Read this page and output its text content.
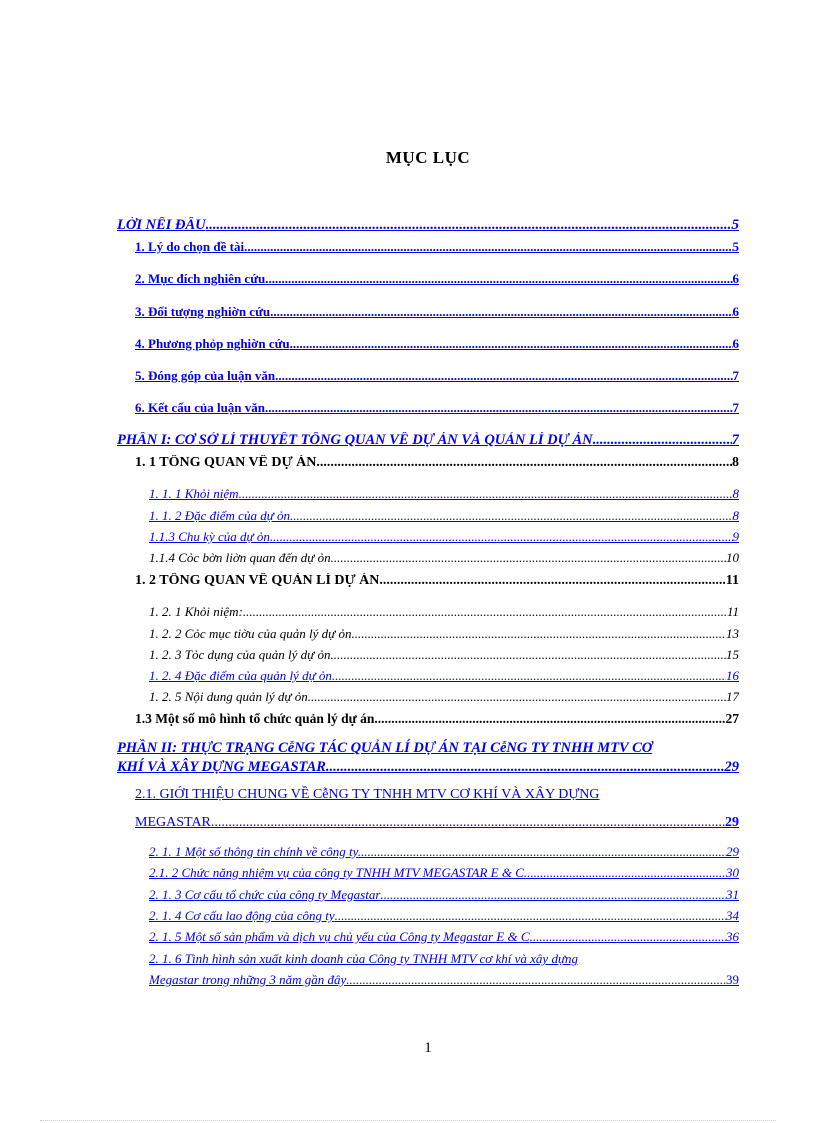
MỤC LỤC
LỜI NỂI ĐẦU .....	5
1. Lý do chọn đề tài .....	5
2. Mục đích nghiên cứu .....	6
3. Đối tượng nghiờn cứu .....	6
4. Phương phỏp nghiờn cứu .....	6
5. Đóng góp của luận văn .....	7
6. Kết cấu của luận văn .....	7
PHẦN I: CƠ SỞ LÍ THUYẾT TỔNG QUAN VỀ DỰ ÁN VÀ QUẢN LÍ DỰ ÁN .....	7
1. 1 TỔNG QUAN VỀ DỰ ÁN .....	8
1. 1. 1 Khỏi niệm .....	8
1. 1. 2 Đặc điểm của dự ỏn .....	8
1.1.3 Chu kỳ của dự ỏn .....	9
1.1.4 Cỏc bờn liờn quan đến dự ỏn .....	10
1. 2 TỔNG QUAN VỀ QUẢN LÍ DỰ ÁN .....	11
1. 2. 1 Khỏi niệm: .....	11
1. 2. 2 Cỏc mục tiờu của quản lý dự ỏn .....	13
1. 2. 3 Tỏc dụng của quản lý dự ỏn .....	15
1. 2. 4 Đặc điểm của quản lý dự ỏn .....	16
1. 2. 5 Nội dung quản lý dự ỏn .....	17
1.3 Một số mô hình tổ chức quản lý dự án. .....	27
PHẦN II: THỰC TRẠNG CễNG TÁC QUẢN LÍ DỰ ÁN TẠI CễNG TY TNHH MTV CƠ
KHÍ VÀ XÂY DỰNG MEGASTAR .....	29
2.1. GIỚI THIỆU CHUNG VỀ CễNG TY TNHH MTV CƠ KHÍ VÀ XÂY DỰNG
MEGASTAR .....	29
2. 1. 1 Một số thông tin chính về công ty. .....	29
2.1. 2 Chức năng nhiệm vụ của công ty TNHH MTV MEGASTAR E & C .....	30
2. 1. 3 Cơ cấu tổ chức của công ty Megastar .....	31
2. 1. 4 Cơ cấu lao động của công ty .....	34
2. 1. 5 Một số sản phẩm và dịch vụ chủ yếu của Công ty Megastar E & C .....	36
2. 1. 6 Tình hình sản xuất kinh doanh của Công ty TNHH MTV cơ khí và xây dựng
Megastar trong những 3 năm gần đây .....	39
1
